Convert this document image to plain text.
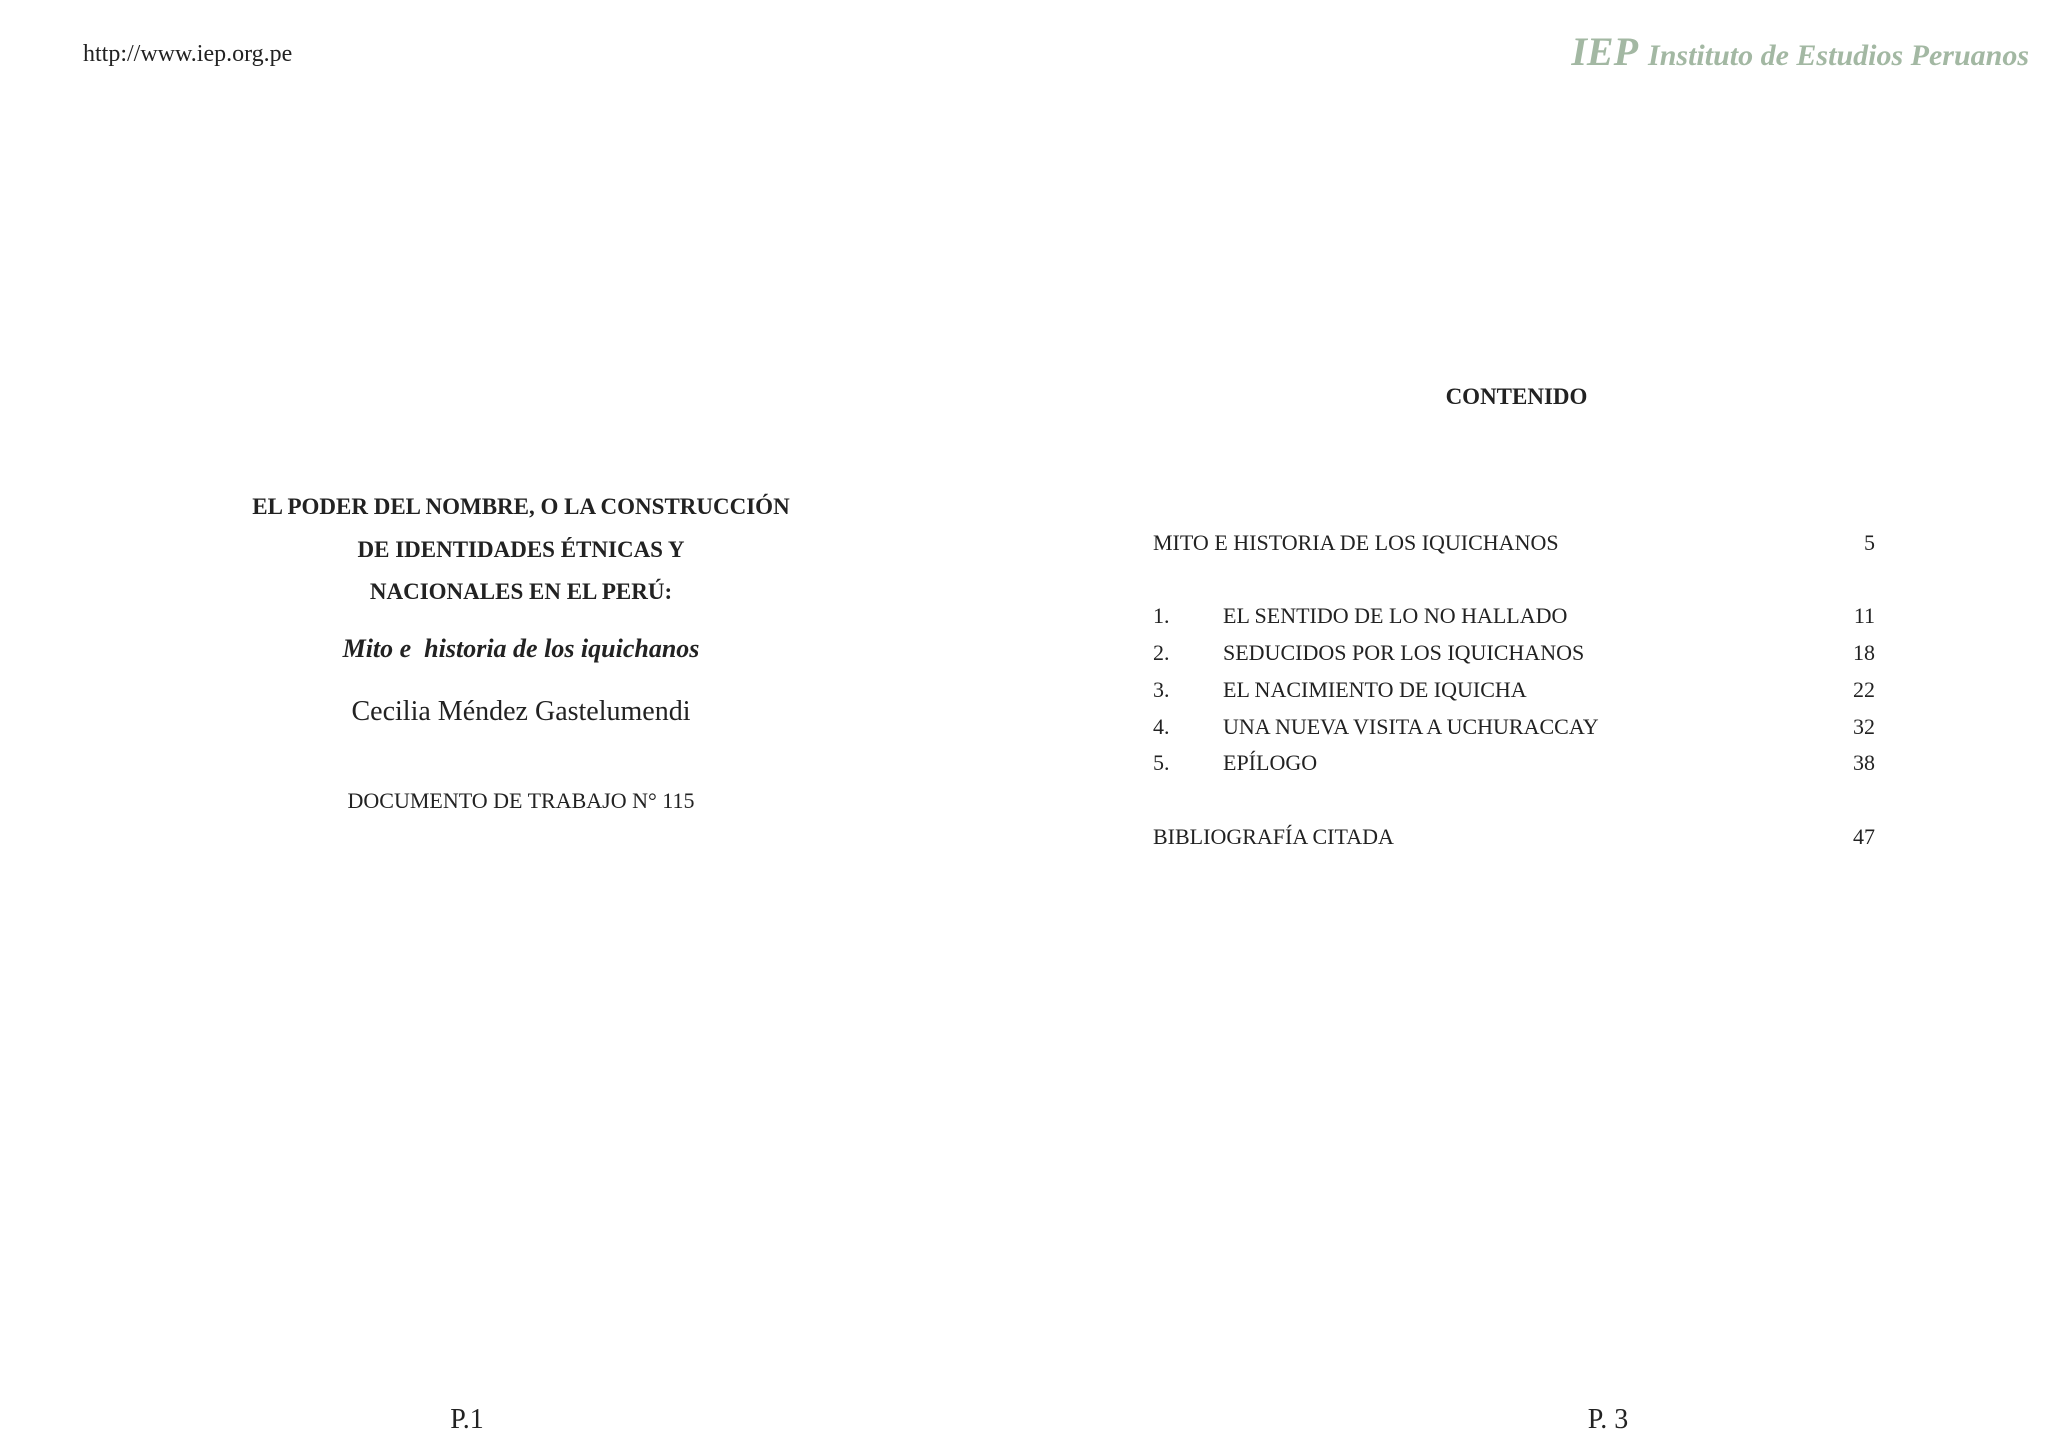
http://www.iep.org.pe	IEP Instituto de Estudios Peruanos
EL PODER DEL NOMBRE, O LA CONSTRUCCIÓN
DE IDENTIDADES ÉTNICAS Y
NACIONALES EN EL PERÚ:
Mito e  historia de los iquichanos
Cecilia Méndez Gastelumendi
DOCUMENTO DE TRABAJO N° 115
P.1
CONTENIDO
MITO E HISTORIA DE LOS IQUICHANOS	5
1. EL SENTIDO DE LO NO HALLADO	11
2. SEDUCIDOS POR LOS IQUICHANOS	18
3. EL NACIMIENTO DE IQUICHA	22
4. UNA NUEVA VISITA A UCHURACCAY	32
5. EPÍLOGO	38
BIBLIOGRAFÍA CITADA	47
P. 3
